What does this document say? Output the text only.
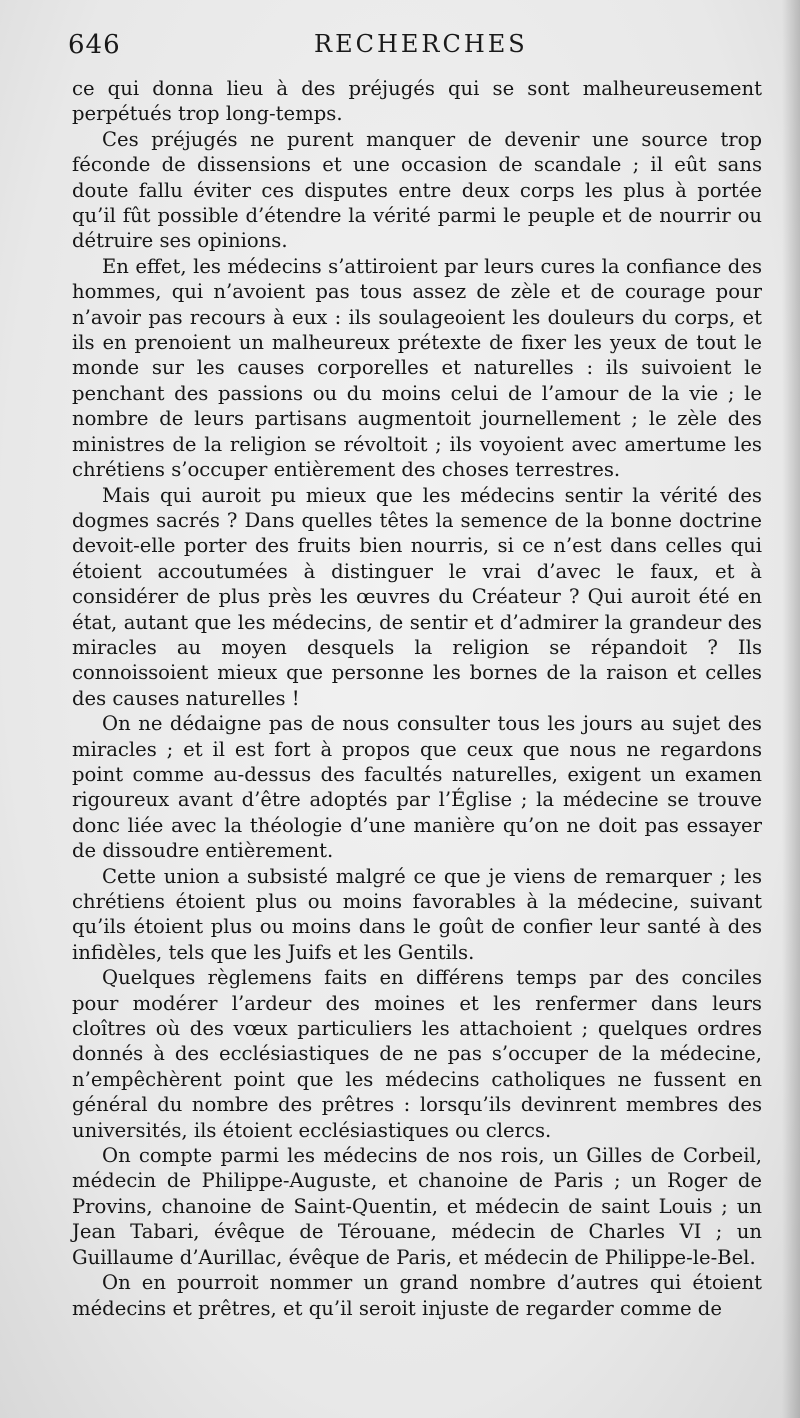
646	RECHERCHES

ce qui donna lieu à des préjugés qui se sont malheureusement perpétués trop long-temps.

Ces préjugés ne purent manquer de devenir une source trop féconde de dissensions et une occasion de scandale ; il eût sans doute fallu éviter ces disputes entre deux corps les plus à portée qu’il fût possible d’étendre la vérité parmi le peuple et de nourrir ou détruire ses opinions.

En effet, les médecins s’attiroient par leurs cures la confiance des hommes, qui n’avoient pas tous assez de zèle et de courage pour n’avoir pas recours à eux : ils soulageoient les douleurs du corps, et ils en prenoient un malheureux prétexte de fixer les yeux de tout le monde sur les causes corporelles et naturelles : ils suivoient le penchant des passions ou du moins celui de l’amour de la vie ; le nombre de leurs partisans augmentoit journellement ; le zèle des ministres de la religion se révoltoit ; ils voyoient avec amertume les chrétiens s’occuper entièrement des choses terrestres.

Mais qui auroit pu mieux que les médecins sentir la vérité des dogmes sacrés ? Dans quelles têtes la semence de la bonne doctrine devoit-elle porter des fruits bien nourris, si ce n’est dans celles qui étoient accoutumées à distinguer le vrai d’avec le faux, et à considérer de plus près les œuvres du Créateur ? Qui auroit été en état, autant que les médecins, de sentir et d’admirer la grandeur des miracles au moyen desquels la religion se répandoit ? Ils connoissoient mieux que personne les bornes de la raison et celles des causes naturelles !

On ne dédaigne pas de nous consulter tous les jours au sujet des miracles ; et il est fort à propos que ceux que nous ne regardons point comme au-dessus des facultés naturelles, exigent un examen rigoureux avant d’être adoptés par l’Église ; la médecine se trouve donc liée avec la théologie d’une manière qu’on ne doit pas essayer de dissoudre entièrement.

Cette union a subsisté malgré ce que je viens de remarquer ; les chrétiens étoient plus ou moins favorables à la médecine, suivant qu’ils étoient plus ou moins dans le goût de confier leur santé à des infidèles, tels que les Juifs et les Gentils.

Quelques règlemens faits en différens temps par des conciles pour modérer l’ardeur des moines et les renfermer dans leurs cloîtres où des vœux particuliers les attachoient ; quelques ordres donnés à des ecclésiastiques de ne pas s’occuper de la médecine, n’empêchèrent point que les médecins catholiques ne fussent en général du nombre des prêtres : lorsqu’ils devinrent membres des universités, ils étoient ecclésiastiques ou clercs.

On compte parmi les médecins de nos rois, un Gilles de Corbeil, médecin de Philippe-Auguste, et chanoine de Paris ; un Roger de Provins, chanoine de Saint-Quentin, et médecin de saint Louis ; un Jean Tabari, évêque de Térouane, médecin de Charles VI ; un Guillaume d’Aurillac, évêque de Paris, et médecin de Philippe-le-Bel.

On en pourroit nommer un grand nombre d’autres qui étoient médecins et prêtres, et qu’il seroit injuste de regarder comme de
